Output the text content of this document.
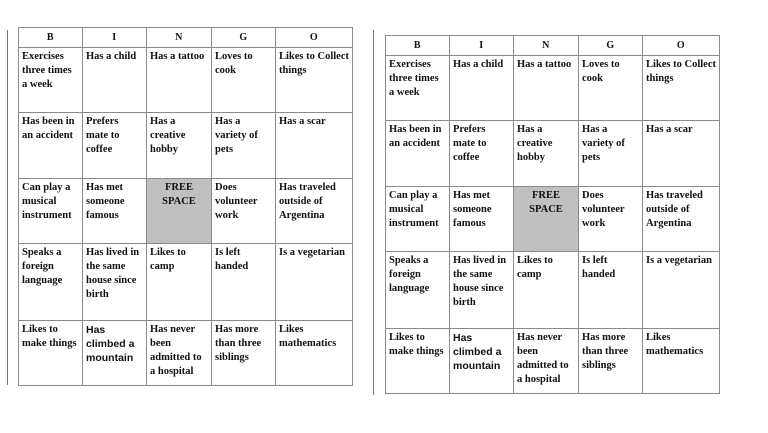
B	I	N	G	O
Exercises three times a week	Has a child	Has a tattoo	Loves to cook	Likes to Collect things
Has been in an accident	Prefers mate to coffee	Has a creative hobby	Has a variety of pets	Has a scar
Can play a musical instrument	Has met someone famous	FREE SPACE	Does volunteer work	Has traveled outside of Argentina
Speaks a foreign language	Has lived in the same house since birth	Likes to camp	Is left handed	Is a vegetarian
Likes to make things	Has climbed a mountain	Has never been admitted to a hospital	Has more than three siblings	Likes mathematics
B	I	N	G	O
Exercises three times a week	Has a child	Has a tattoo	Loves to cook	Likes to Collect things
Has been in an accident	Prefers mate to coffee	Has a creative hobby	Has a variety of pets	Has a scar
Can play a musical instrument	Has met someone famous	FREE SPACE	Does volunteer work	Has traveled outside of Argentina
Speaks a foreign language	Has lived in the same house since birth	Likes to camp	Is left handed	Is a vegetarian
Likes to make things	Has climbed a mountain	Has never been admitted to a hospital	Has more than three siblings	Likes mathematics
